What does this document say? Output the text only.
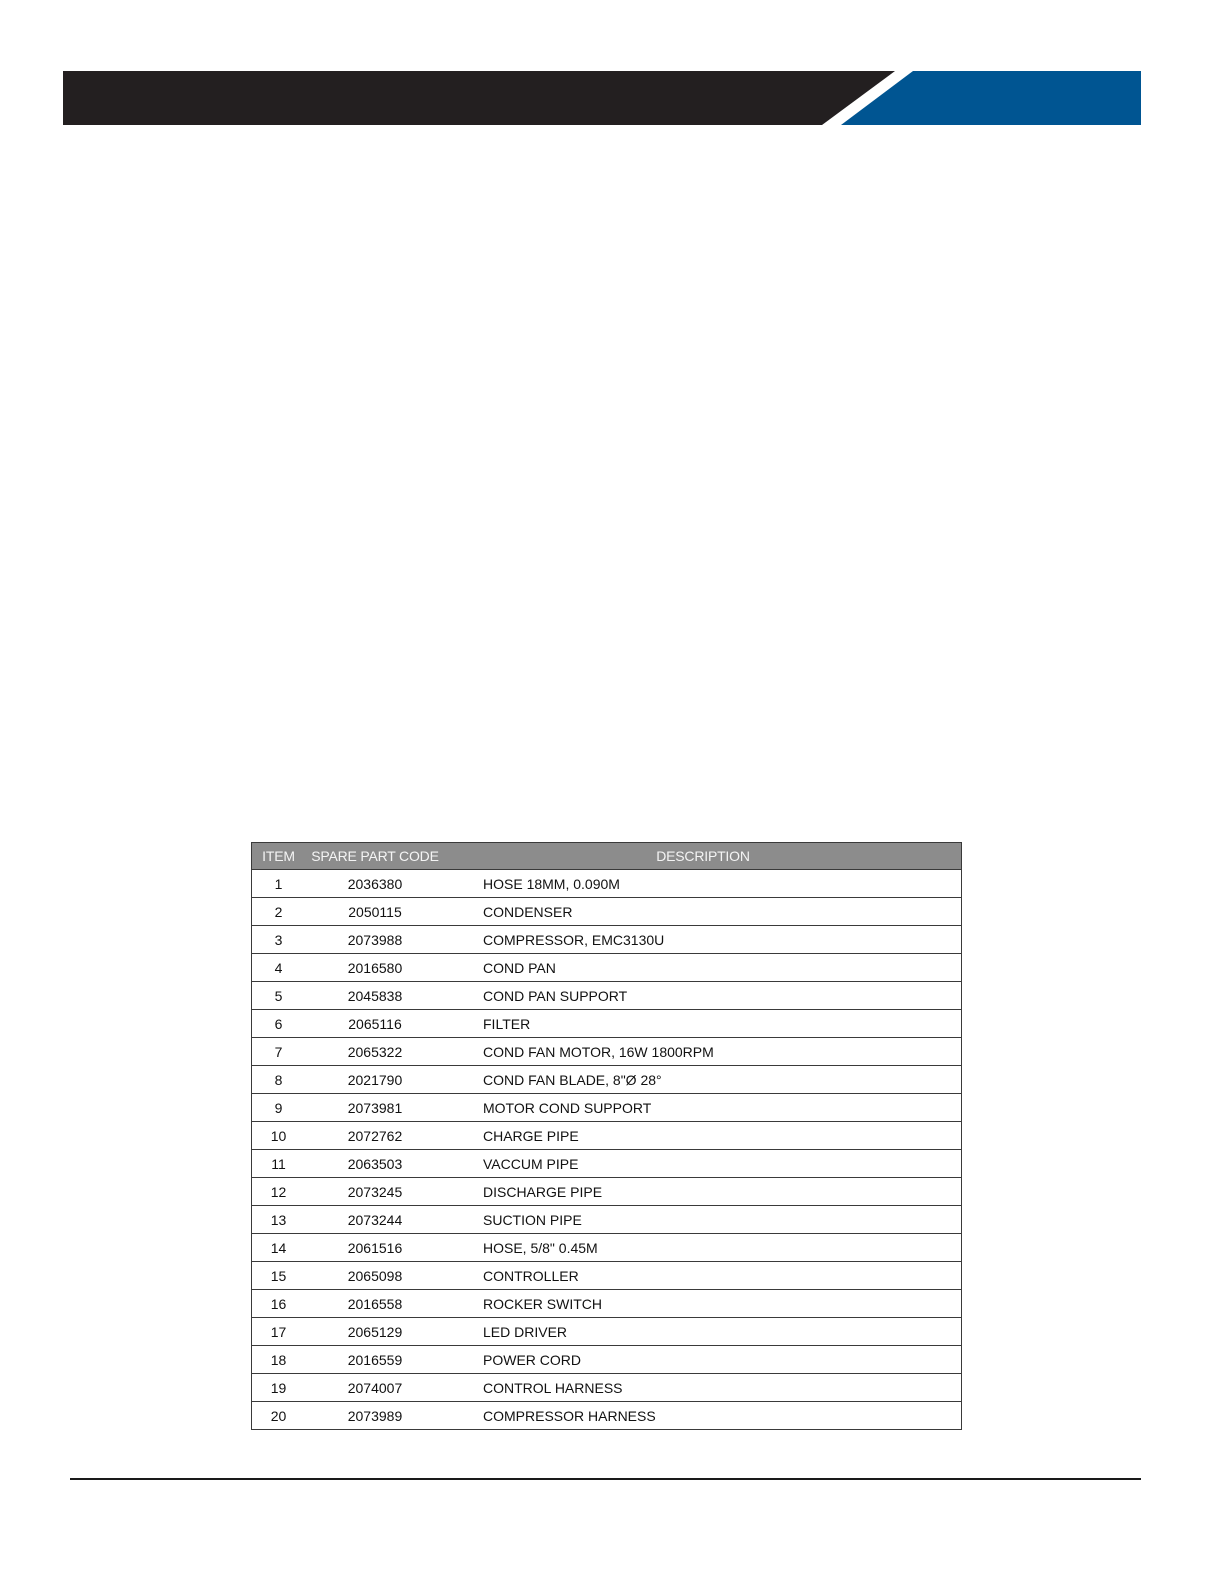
ITEM	SPARE PART CODE	DESCRIPTION
1	2036380	HOSE 18MM, 0.090M
2	2050115	CONDENSER
3	2073988	COMPRESSOR, EMC3130U
4	2016580	COND PAN
5	2045838	COND PAN SUPPORT
6	2065116	FILTER
7	2065322	COND FAN MOTOR, 16W 1800RPM
8	2021790	COND FAN BLADE, 8"Ø 28°
9	2073981	MOTOR COND SUPPORT
10	2072762	CHARGE PIPE
11	2063503	VACCUM PIPE
12	2073245	DISCHARGE PIPE
13	2073244	SUCTION PIPE
14	2061516	HOSE, 5/8" 0.45M
15	2065098	CONTROLLER
16	2016558	ROCKER SWITCH
17	2065129	LED DRIVER
18	2016559	POWER CORD
19	2074007	CONTROL HARNESS
20	2073989	COMPRESSOR HARNESS
